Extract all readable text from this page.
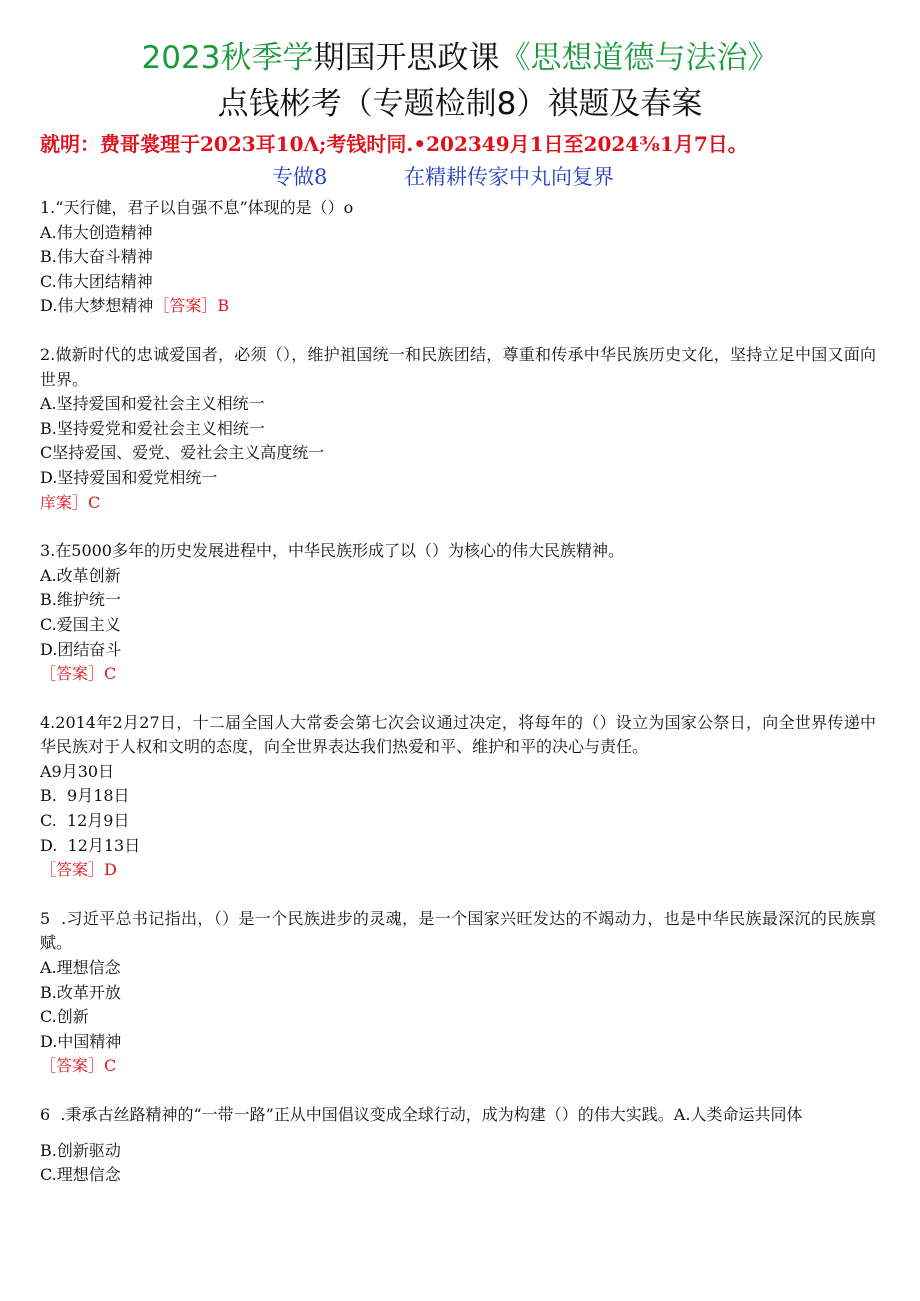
2023秋季学期国开思政课《思想道德与法治》
点钱彬考（专题检制8）祺题及春案
就明：费哥裳理于2023耳10Λ;考钱时同.•202349月1日至2024⅜1月7日。
专做8	在精耕传家中丸向复界

1.“天行健，君子以自强不息”体现的是（）o

A.伟大创造精神

B.伟大奋斗精神

C.伟大团结精神

D.伟大梦想精神［答案］B

2.做新时代的忠诚爱国者，必须（），维护祖国统一和民族团结，尊重和传承中华民族历史文化，坚持立足中国又面向世界。

A.坚持爱国和爱社会主义相统一

B.坚持爱党和爱社会主义相统一

C坚持爱国、爱党、爱社会主义高度统一

D.坚持爱国和爱党相统一

庠案］C

3.在5000多年的历史发展进程中，中华民族形成了以（）为核心的伟大民族精神。

A.改革创新

B.维护统一

C.爱国主义

D.团结奋斗

［答案］C

4.2014年2月27日，十二届全国人大常委会第七次会议通过决定，将每年的（）设立为国家公祭日，向全世界传递中华民族对于人权和文明的态度，向全世界表达我们热爱和平、维护和平的决心与责任。

A9月30日

B.  9月18日

C.  12月9日

D.  12月13日

［答案］D

5  .习近平总书记指出，（）是一个民族进步的灵魂，是一个国家兴旺发达的不竭动力，也是中华民族最深沉的民族禀赋。

A.理想信念

B.改革开放

C.创新

D.中国精神

［答案］C

6  .秉承古丝路精神的“一带一路”正从中国倡议变成全球行动，成为构建（）的伟大实践。A.人类命运共同体

B.创新驱动

C.理想信念
